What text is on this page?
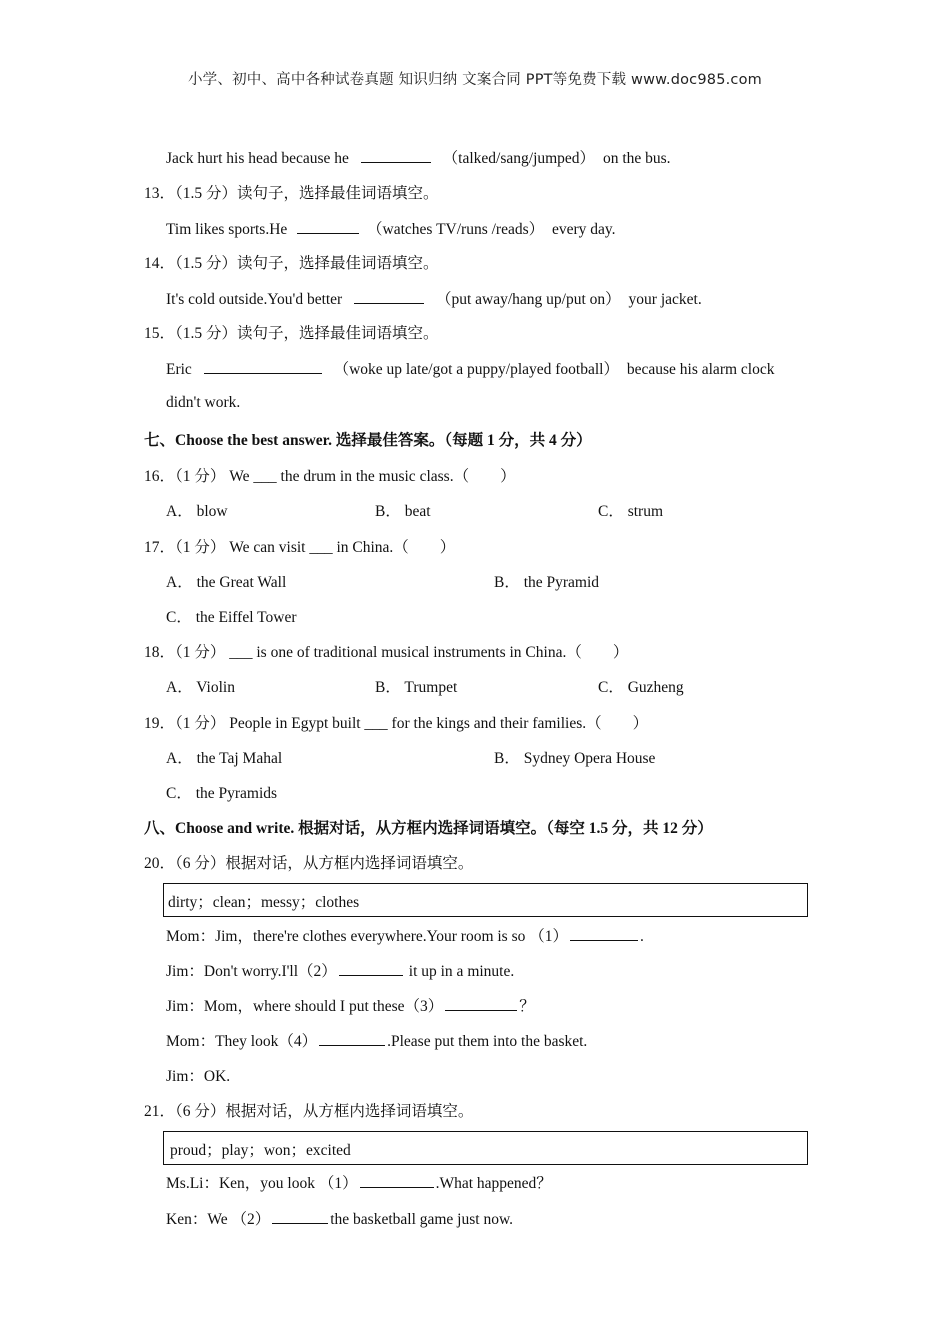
小学、初中、高中各种试卷真题 知识归纳 文案合同 PPT等免费下载 www.doc985.com
Jack hurt his head because he	（talked/sang/jumped） on the bus.
13．（1.5 分）读句子，选择最佳词语填空。
Tim likes sports.He	（watches TV/runs /reads） every day.
14．（1.5 分）读句子，选择最佳词语填空。
It's cold outside.You'd better	（put away/hang up/put on） your jacket.
15．（1.5 分）读句子，选择最佳词语填空。
Eric	（woke up late/got a puppy/played football） because his alarm clock
didn't work.
七、Choose the best answer. 选择最佳答案。（每题 1 分，共 4 分）
16．（1 分） We ___ the drum in the music class.（　　）
A． blow	B． beat	C． strum
17．（1 分） We can visit ___ in China.（　　）
A． the Great Wall	B． the Pyramid
C． the Eiffel Tower
18．（1 分） ___ is one of traditional musical instruments in China.（　　）
A． Violin	B． Trumpet	C． Guzheng
19．（1 分） People in Egypt built ___ for the kings and their families.（　　）
A． the Taj Mahal	B． Sydney Opera House
C． the Pyramids
八、Choose and write. 根据对话，从方框内选择词语填空。（每空 1.5 分，共 12 分）
20．（6 分）根据对话，从方框内选择词语填空。
dirty；clean；messy；clothes
Mom：Jim，there're clothes everywhere.Your room is so （1）	.
Jim：Don't worry.I'll（2）	it up in a minute.
Jim：Mom，where should I put these（3）	？
Mom：They look（4）	.Please put them into the basket.
Jim：OK.
21．（6 分）根据对话，从方框内选择词语填空。
proud；play；won；excited
Ms.Li：Ken，you look （1）	.What happened？
Ken：We （2）	the basketball game just now.
